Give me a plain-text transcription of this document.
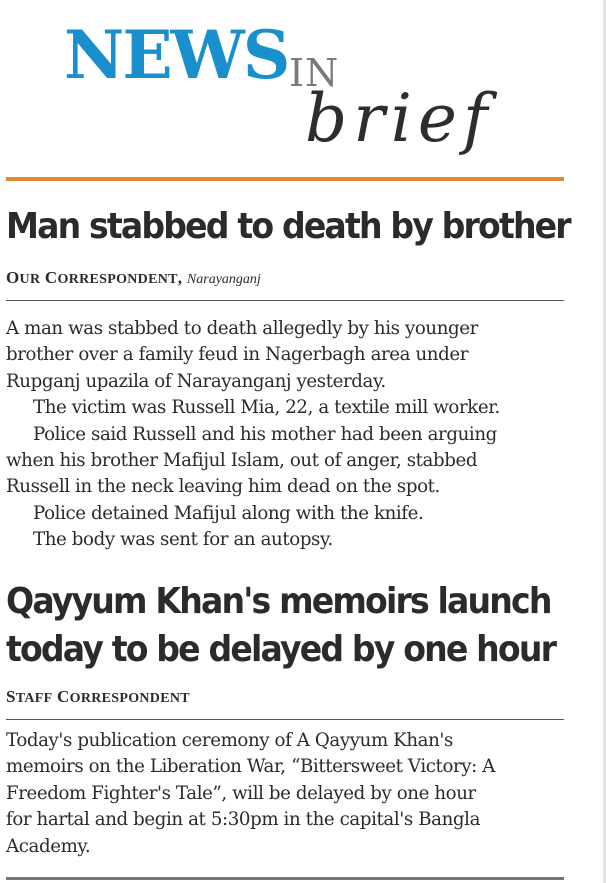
NEWS IN
brief
Man stabbed to death by brother
OUR CORRESPONDENT, Narayanganj

A man was stabbed to death allegedly by his younger

brother over a family feud in Nagerbagh area under

Rupganj upazila of Narayanganj yesterday.

The victim was Russell Mia, 22, a textile mill worker.

Police said Russell and his mother had been arguing

when his brother Mafijul Islam, out of anger, stabbed

Russell in the neck leaving him dead on the spot.

Police detained Mafijul along with the knife.

The body was sent for an autopsy.

Qayyum Khan's memoirs launch
today to be delayed by one hour
STAFF CORRESPONDENT

Today's publication ceremony of A Qayyum Khan's

memoirs on the Liberation War, “Bittersweet Victory: A

Freedom Fighter's Tale”, will be delayed by one hour

for hartal and begin at 5:30pm in the capital's Bangla

Academy.
